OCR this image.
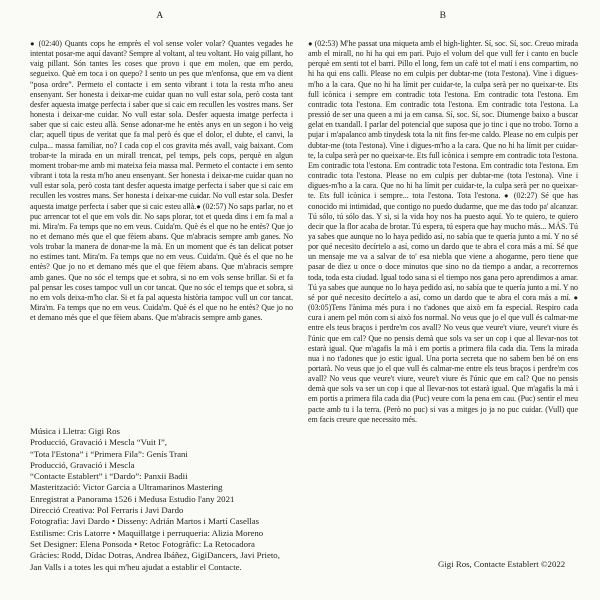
A	B
● (02:40) Quants cops he emprès el vol sense voler volar? Quantes vegades he intentat posar-me aquí davant? Sempre al voltant, al teu voltant. Ho vaig pillant, ho vaig pillant. Són tantes les coses que provo i que em molen, que em perdo, segueixo. Què em toca i on quepo? I sento un pes que m'enfonsa, que em va dient “posa ordre”. Permeto el contacte i em sento vibrant i tota la resta m'ho aneu ensenyant. Ser honesta i deixar-me cuidar quan no vull estar sola, però costa tant desfer aquesta imatge perfecta i saber que si caic em recullen les vostres mans. Ser honesta i deixar-me cuidar. No vull estar sola. Desfer aquesta imatge perfecta i saber que si caic esteu allà. Sense adonar-me he entès anys en un segon i ho veig clar; aquell tipus de veritat que fa mal però és que el dolor, el dubte, el canvi, la culpa... massa familiar, no? I cada cop el cos gravita més avall, vaig baixant. Com trobar-te la mirada en un mirall trencat, pel temps, pels cops, perquè en algun moment trobar-me amb mi mateixa feia massa mal. Permeto el contacte i em sento vibrant i tota la resta m'ho aneu ensenyant. Ser honesta i deixar-me cuidar quan no vull estar sola, però costa tant desfer aquesta imatge perfecta i saber que si caic em recullen les vostres mans. Ser honesta i deixar-me cuidar. No vull estar sola. Desfer aquesta imatge perfecta i saber que si caic esteu allà.● (02:57) No saps parlar, no et puc arrencar tot el que em vols dir. No saps plorar, tot et queda dins i em fa mal a mi. Mira'm. Fa temps que no em veus. Cuida'm. Què és el que no he entès? Que jo no et demano més que el que fèiem abans. Que m'abracis sempre amb ganes. No vols trobar la manera de donar-me la mà. En un moment que és tan delicat potser no estimes tant. Mira'm. Fa temps que no em veus. Cuida'm. Què és el que no he entès? Que jo no et demano més que el que fèiem abans. Que m'abracis sempre amb ganes. Que no sóc el temps que et sobra, si no em vols sense brillar. Si et fa pal pensar les coses tampoc vull un cor tancat. Que no sóc el temps que et sobra, si no em vols deixa-m'ho clar. Si et fa pal aquesta història tampoc vull un cor tancat. Mira'm. Fa temps que no em veus. Cuida'm. Què és el que no he entès? Que jo no et demano més que el que fèiem abans. Que m'abracis sempre amb ganes.
● (02:53) M'he passat una miqueta amb el high-lighter. Sí, soc. Sí, soc. Creuo mirada amb el mirall, no hi ha qui em pari. Pujo el volum del que vull fer i canto en bucle perquè em senti tot el barri. Pillo el long, fem un cafè tot el matí i ens compartim, no hi ha qui ens calli. Please no em culpis per dubtar-me (tota l'estona). Vine i digues-m'ho a la cara. Que no hi ha límit per cuidar-te, la culpa serà per no queixar-te. Ets full icònica i sempre em contradic tota l'estona. Em contradic tota l'estona. Em contradic tota l'estona. Em contradic tota l'estona. Em contradic tota l'estona. La pressió de ser una queen a mi ja em cansa. Sí, soc. Sí, soc. Diumenge baixo a buscar gelat en txandall. I parlar del potencial que suposa que jo tinc i que no trobo. Torno a pujar i m'apalanco amb tinydesk tota la nit fins fer-me caldo. Please no em culpis per dubtar-me (tota l'estona). Vine i digues-m'ho a la cara. Que no hi ha límit per cuidar-te, la culpa serà per no queixar-te. Ets full icònica i sempre em contradic tota l'estona. Em contradic tota l'estona. Em contradic tota l'estona. Em contradic tota l'estona. Em contradic tota l'estona. Please no em culpis per dubtar-me (tota l'estona). Vine i digues-m'ho a la cara. Que no hi ha límit per cuidar-te, la culpa serà per no queixar-te. Ets full icònica i sempre... tota l'estona. Tota l'estona. ● (02:27) Sé que has conocido mi intimidad, que contigo no puedo dudarme, que me das todo pa' alcanzar. Tú sólo, tú sólo das. Y si, si la vida hoy nos ha puesto aquí. Yo te quiero, te quiero decir que la flor acaba de brotar. Tú espera, tú espera que hay mucho más... MÁS. Tú ya sabes que aunque no lo haya pedido así, no sabía que te quería junto a mí. Y no sé por qué necesito decírtelo a así, como un dardo que te abra el cora más a mí. Sé que un mensaje me va a salvar de to' esa niebla que viene a ahogarme, pero tiene que pasar de diez u once o doce minutos que sino no da tiempo a andar, a recorrernos toda, toda esta ciudad. Igual todo sana si el tiempo nos gana pero aprendimos a amar. Tú ya sabes que aunque no lo haya pedido así, no sabía que te quería junto a mí. Y no sé por qué necesito decírtelo a así, como un dardo que te abra el cora más a mí. ● (03:05)Tens l'ànima més pura i no t'adones que això em fa especial. Respiro cada cura i anem pel món com si això fos normal. No veus que jo el que vull és calmar-me entre els teus braços i perdre'm cos avall? No veus que veure't viure, veure't viure és l'únic que em cal? Que no pensis demà que sols va ser un cop i que al llevar-nos tot estarà igual. Que m'agafis la mà i em portis a primera fila cada dia. Tens la mirada nua i no t'adones que jo estic igual. Una porta secreta que no sabem ben bé on ens portarà. No veus que jo el que vull és calmar-me entre els teus braços i perdre'm cos avall? No veus que veure't viure, veure't viure és l'únic que em cal? Que no pensis demà que sols va ser un cop i que al llevar-nos tot estarà igual. Que m'agafis la mà i em portis a primera fila cada dia (Puc) veure com la pena em cau. (Puc) sentir el meu pacte amb tu i la terra. (Però no puc) si vas a mitges jo ja no puc cuidar. (Vull) que em facis creure que necessito més.
Música i Lletra: Gigi Ros
Producció, Gravació i Mescla “Vuit I”,
“Tota l'Estona” i “Primera Fila”: Genís Trani
Producció, Gravació i Mescla
“Contacte Establert” i “Dardo”: Panxii Badii
Masterització: Victor Garcia a Ultramarinos Mastering
Enregistrat a Panorama 1526 i Medusa Estudio l'any 2021
Direcció Creativa: Pol Ferraris i Javi Dardo
Fotografia: Javi Dardo • Disseny: Adrián Martos i Martí Casellas
Estilisme: Cris Latorre • Maquillatge i perruqueria: Alizia Moreno
Set Designer: Elena Ponsoda • Retoc Fotogràfic: La Retocadora
Gràcies: Rodd, Dídac Dotras, Andrea Ibáñez, GigiDancers, Javi Prieto,
Jan Valls i a totes les qui m'heu ajudat a establir el Contacte.	Gigi Ros, Contacte Establert ©2022
